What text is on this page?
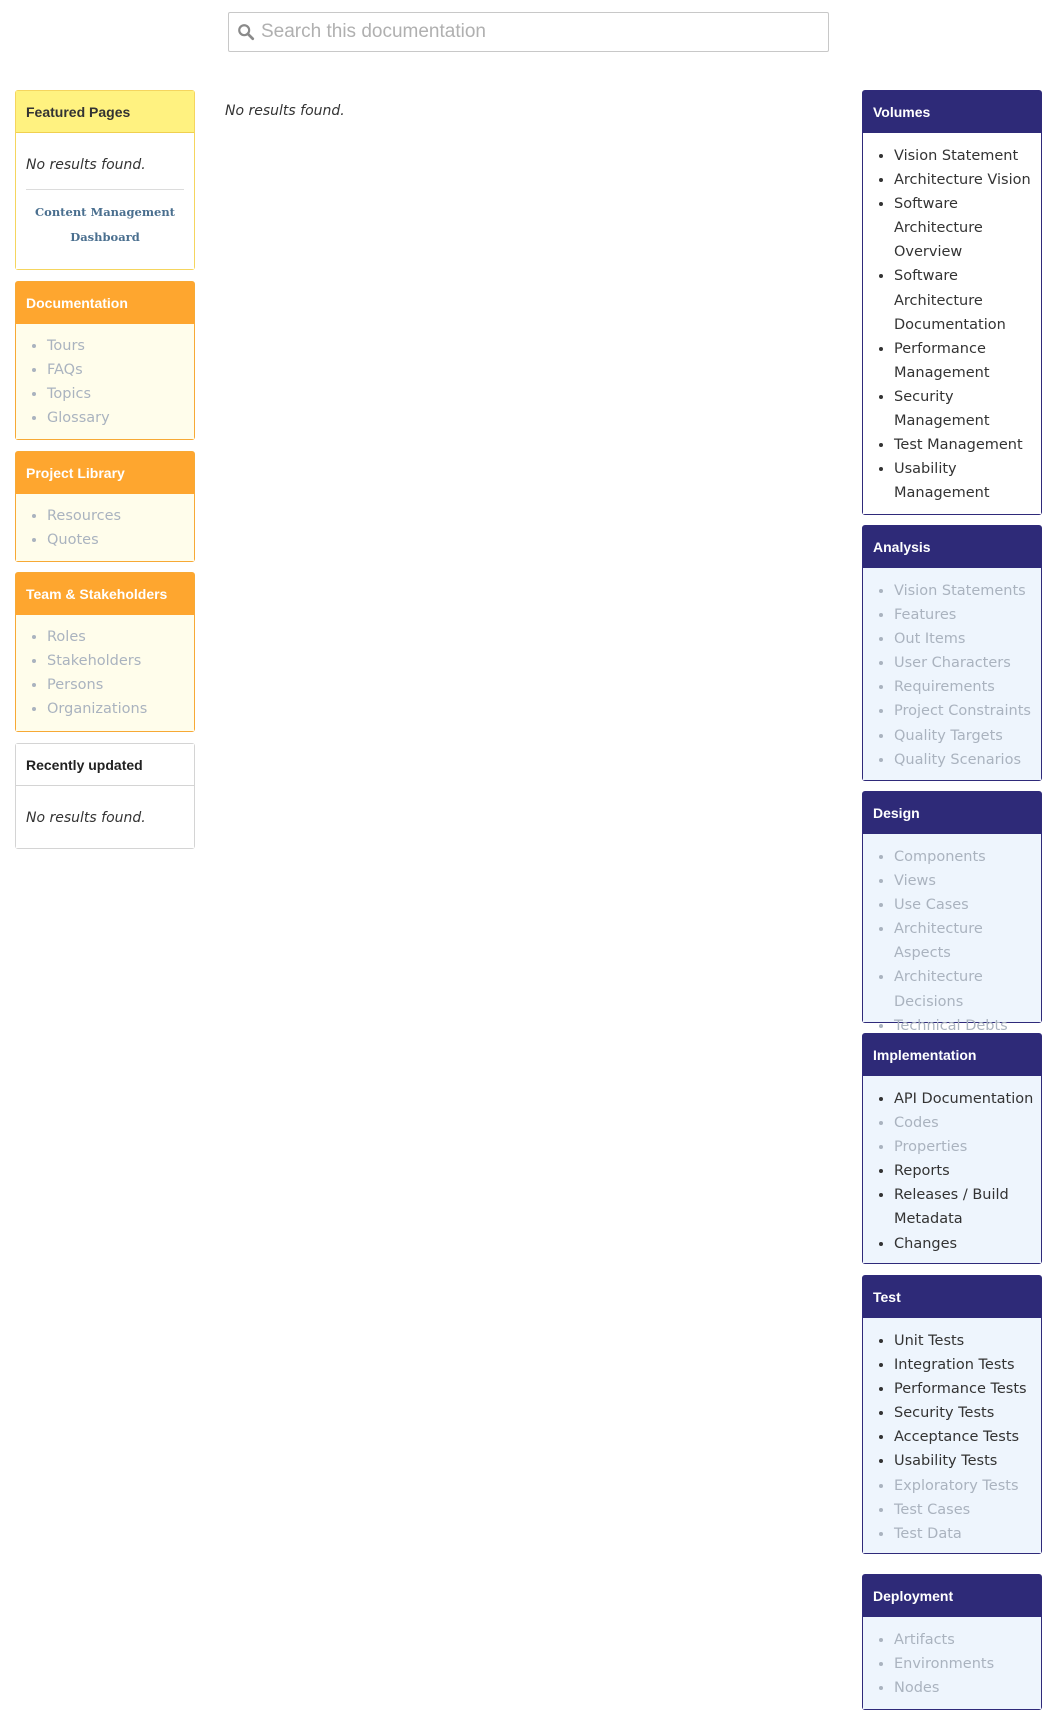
Search this documentation
No results found.
Featured Pages
No results found.
Content Management
Dashboard
Documentation
• Tours
• FAQs
• Topics
• Glossary
Project Library
• Resources
• Quotes
Team & Stakeholders
• Roles
• Stakeholders
• Persons
• Organizations
Recently updated
No results found.
Volumes
• Vision Statement
• Architecture Vision
• Software Architecture Overview
• Software Architecture Documentation
• Performance Management
• Security Management
• Test Management
• Usability Management
Analysis
• Vision Statements
• Features
• Out Items
• User Characters
• Requirements
• Project Constraints
• Quality Targets
• Quality Scenarios
Design
• Components
• Views
• Use Cases
• Architecture Aspects
• Architecture Decisions
• Technical Debts
Implementation
• API Documentation
• Codes
• Properties
• Reports
• Releases / Build Metadata
• Changes
Test
• Unit Tests
• Integration Tests
• Performance Tests
• Security Tests
• Acceptance Tests
• Usability Tests
• Exploratory Tests
• Test Cases
• Test Data
Deployment
• Artifacts
• Environments
• Nodes
